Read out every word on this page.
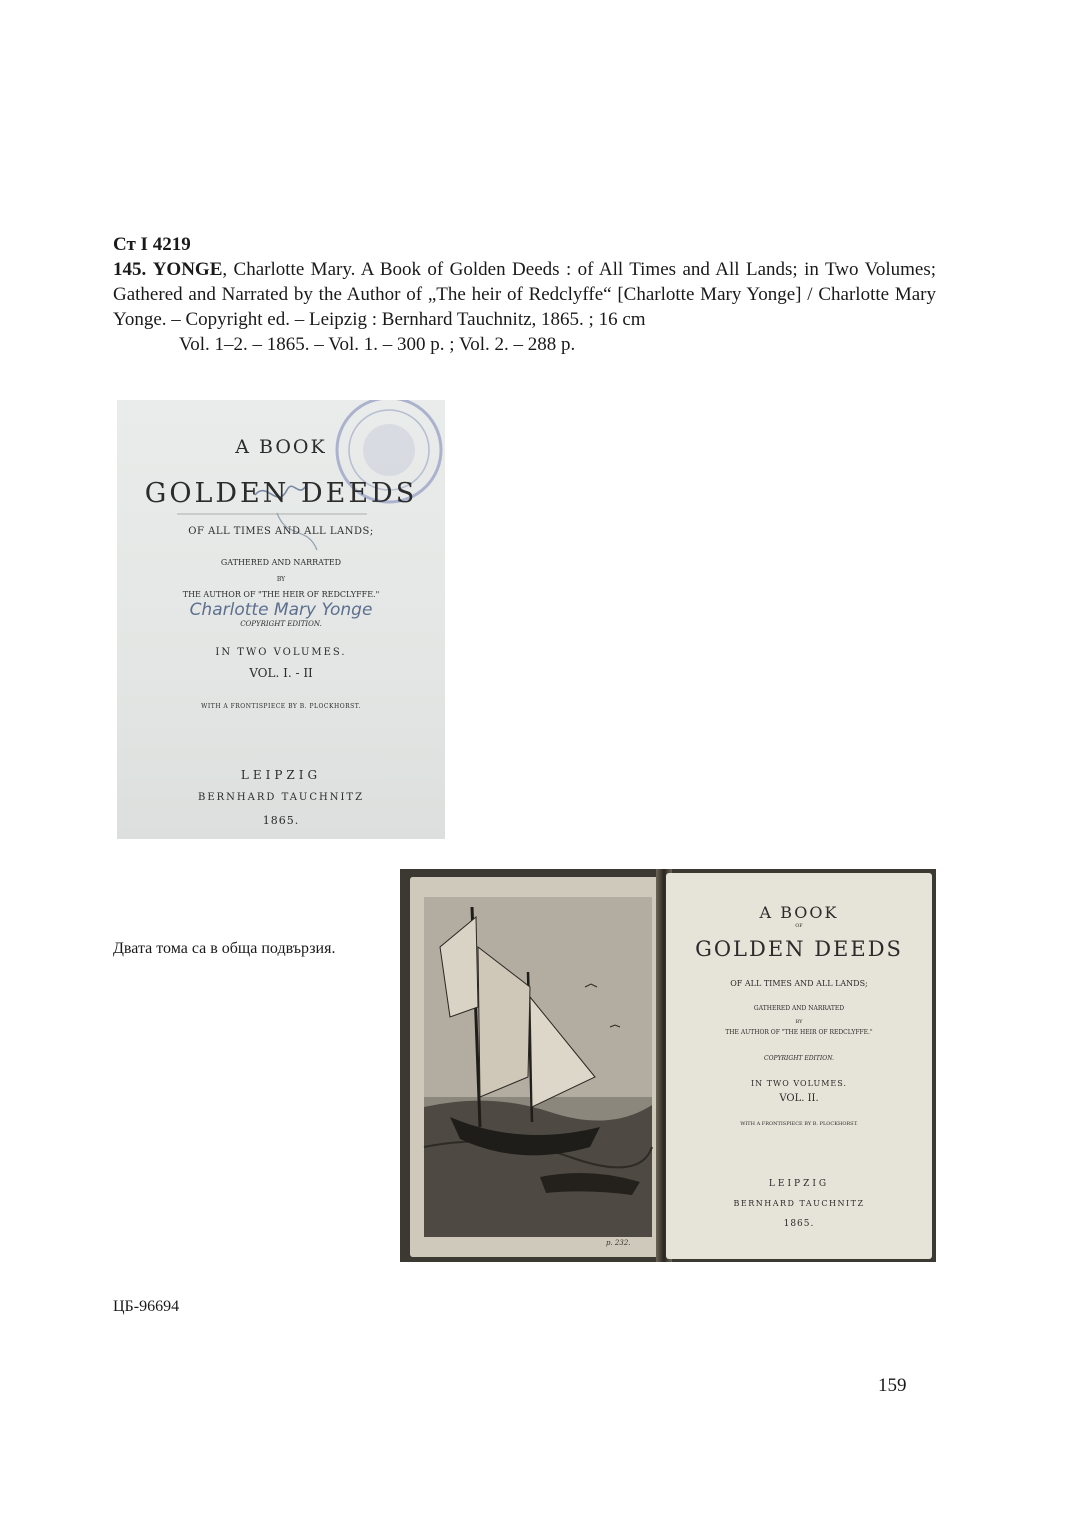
Ст I 4219
145. YONGE, Charlotte Mary. A Book of Golden Deeds : of All Times and All Lands; in Two Volumes; Gathered and Narrated by the Author of „The heir of Redclyffe“ [Charlotte Mary Yonge] / Charlotte Mary Yonge. – Copyright ed. – Leipzig : Bernhard Tauchnitz, 1865. ; 16 cm
Vol. 1–2. – 1865. – Vol. 1. – 300 p. ; Vol. 2. – 288 p.
A BOOK
GOLDEN DEEDS
OF ALL TIMES AND ALL LANDS;
GATHERED AND NARRATED
BY
THE AUTHOR OF "THE HEIR OF REDCLYFFE."
Charlotte Mary Yonge
COPYRIGHT EDITION.
IN TWO VOLUMES.
VOL. I. - II
WITH A FRONTISPIECE BY B. PLOCKHORST.
LEIPZIG
BERNHARD TAUCHNITZ
1865.
p. 232.
A BOOK
OF
GOLDEN DEEDS
OF ALL TIMES AND ALL LANDS;
GATHERED AND NARRATED
BY
THE AUTHOR OF "THE HEIR OF REDCLYFFE."
COPYRIGHT EDITION.
IN TWO VOLUMES.
VOL. II.
WITH A FRONTISPIECE BY B. PLOCKHORST.
LEIPZIG
BERNHARD TAUCHNITZ
1865.
Двата тома са в обща подвързия.
ЦБ-96694
159
